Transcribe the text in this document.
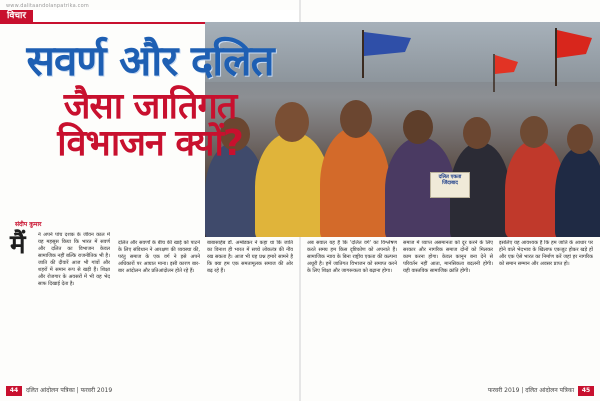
www.dalitaandolanpatrika.com
विचार
दलित एकता जिंदाबाद
सवर्ण और दलित
जैसा जातिगत
विभाजन क्यों?
संदीप कुमार
मैं ने अपने पांच दशक के जीवन काल में यह महसूस किया कि भारत में सवर्ण और दलित का विभाजन केवल सामाजिक नहीं बल्कि राजनीतिक भी है। जाति की दीवारें आज भी गांवों और शहरों में समान रूप से खड़ी हैं। शिक्षा और रोजगार के अवसरों में भी यह भेद साफ दिखाई देता है।
दलित और सवर्णों के बीच की खाई को पाटने के लिए संविधान ने आरक्षण की व्यवस्था की, परंतु समाज के एक वर्ग ने इसे अपने अधिकारों पर आघात माना। इसी कारण बार-बार आंदोलन और प्रतिआंदोलन होते रहे हैं।
बाबासाहेब डॉ. अम्बेडकर ने कहा था कि जाति का विनाश ही भारत में सच्चे लोकतंत्र की नींव रख सकता है। आज भी यह प्रश्न हमारे सामने है कि क्या हम एक समतामूलक समाज की ओर बढ़ रहे हैं।
अब सवाल यह है कि 'दलित वर्ग' का विश्लेषण करते समय हम किस दृष्टिकोण को अपनाते हैं। सामाजिक न्याय के बिना राष्ट्रीय एकता की कल्पना अधूरी है। हमें जातिगत विभाजन को समाप्त करने के लिए शिक्षा और जागरूकता को बढ़ाना होगा।
समाज में व्याप्त असमानता को दूर करने के लिए सरकार और नागरिक समाज दोनों को मिलकर काम करना होगा। केवल कानून बना देने से परिवर्तन नहीं आता, मानसिकता बदलनी होगी। यही वास्तविक सामाजिक क्रांति होगी।
इसलिए यह आवश्यक है कि हम जाति के आधार पर होने वाले भेदभाव के खिलाफ एकजुट होकर खड़े हों और एक ऐसे भारत का निर्माण करें जहां हर नागरिक को समान सम्मान और अवसर प्राप्त हो।
44	दलित आंदोलन पत्रिका | फरवरी 2019	फरवरी 2019 | दलित आंदोलन पत्रिका	45
